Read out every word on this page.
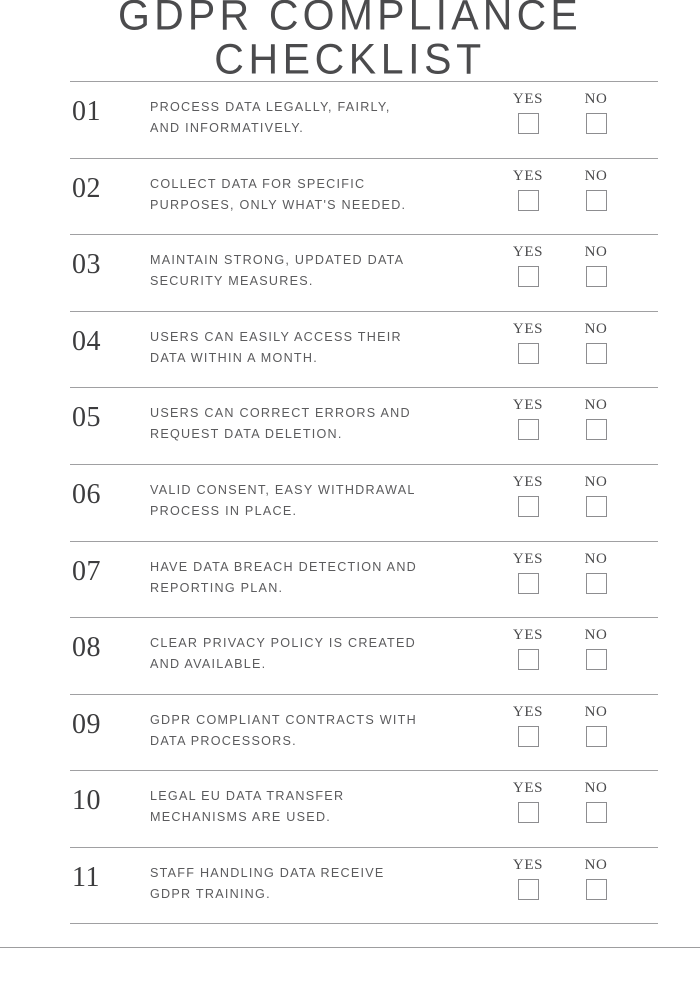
GDPR COMPLIANCE
CHECKLIST
01	PROCESS DATA LEGALLY, FAIRLY,
AND INFORMATIVELY.
YES	NO
02	COLLECT DATA FOR SPECIFIC
PURPOSES, ONLY WHAT'S NEEDED.
YES	NO
03	MAINTAIN STRONG, UPDATED DATA
SECURITY MEASURES.
YES	NO
04	USERS CAN EASILY ACCESS THEIR
DATA WITHIN A MONTH.
YES	NO
05	USERS CAN CORRECT ERRORS AND
REQUEST DATA DELETION.
YES	NO
06	VALID CONSENT, EASY WITHDRAWAL
PROCESS IN PLACE.
YES	NO
07	HAVE DATA BREACH DETECTION AND
REPORTING PLAN.
YES	NO
08	CLEAR PRIVACY POLICY IS CREATED
AND AVAILABLE.
YES	NO
09	GDPR COMPLIANT CONTRACTS WITH
DATA PROCESSORS.
YES	NO
10	LEGAL EU DATA TRANSFER
MECHANISMS ARE USED.
YES	NO
11	STAFF HANDLING DATA RECEIVE
GDPR TRAINING.
YES	NO
